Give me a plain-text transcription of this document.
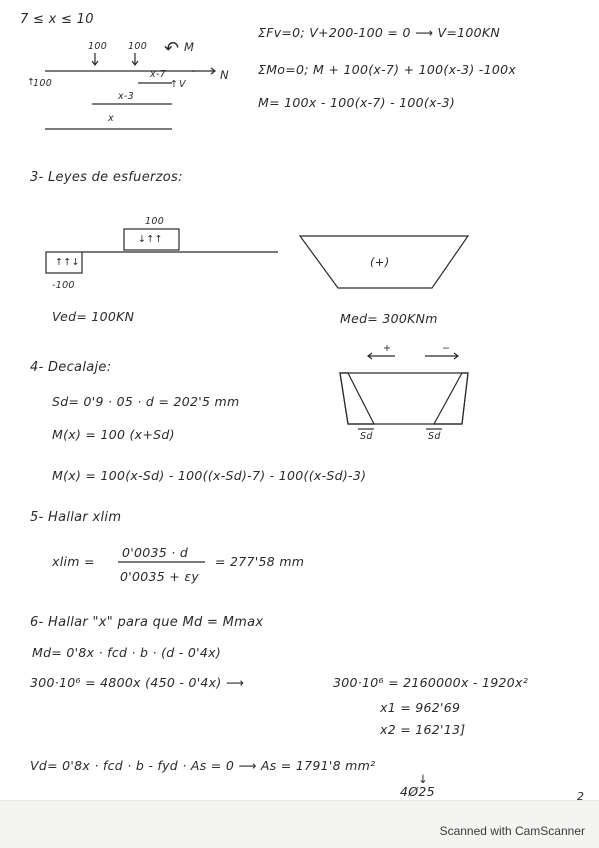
7 ≤ x ≤ 10
100 100 ↶ M
N
100
↑	↑ V
x-7
x-3
x
ΣFv=0; V+200-100 = 0 ⟶ V=100KN
ΣMo=0; M + 100(x-7) + 100(x-3) -100x
M= 100x - 100(x-7) - 100(x-3)
3- Leyes de esfuerzos:
100
↓↑↑
↑↑↓
-100
(+)
Ved= 100KN	Med= 300KNm
4- Decalaje:
+	−
Sd	Sd
Sd= 0'9 · 05 · d = 202'5 mm
M(x) = 100 (x+Sd)
M(x) = 100(x-Sd) - 100((x-Sd)-7) - 100((x-Sd)-3)
5- Hallar xlim
xlim =
0'0035 · d
0'0035 + εy
= 277'58 mm
6- Hallar "x" para que Md = Mmax
Md= 0'8x · fcd · b · (d - 0'4x)
300·10⁶ = 4800x (450 - 0'4x) ⟶	300·10⁶ = 2160000x - 1920x²
x1 = 962'69
x2 = 162'13]
Vd= 0'8x · fcd · b - fyd · As = 0 ⟶ As = 1791'8 mm²
↓
4Ø25	2
Scanned with CamScanner
